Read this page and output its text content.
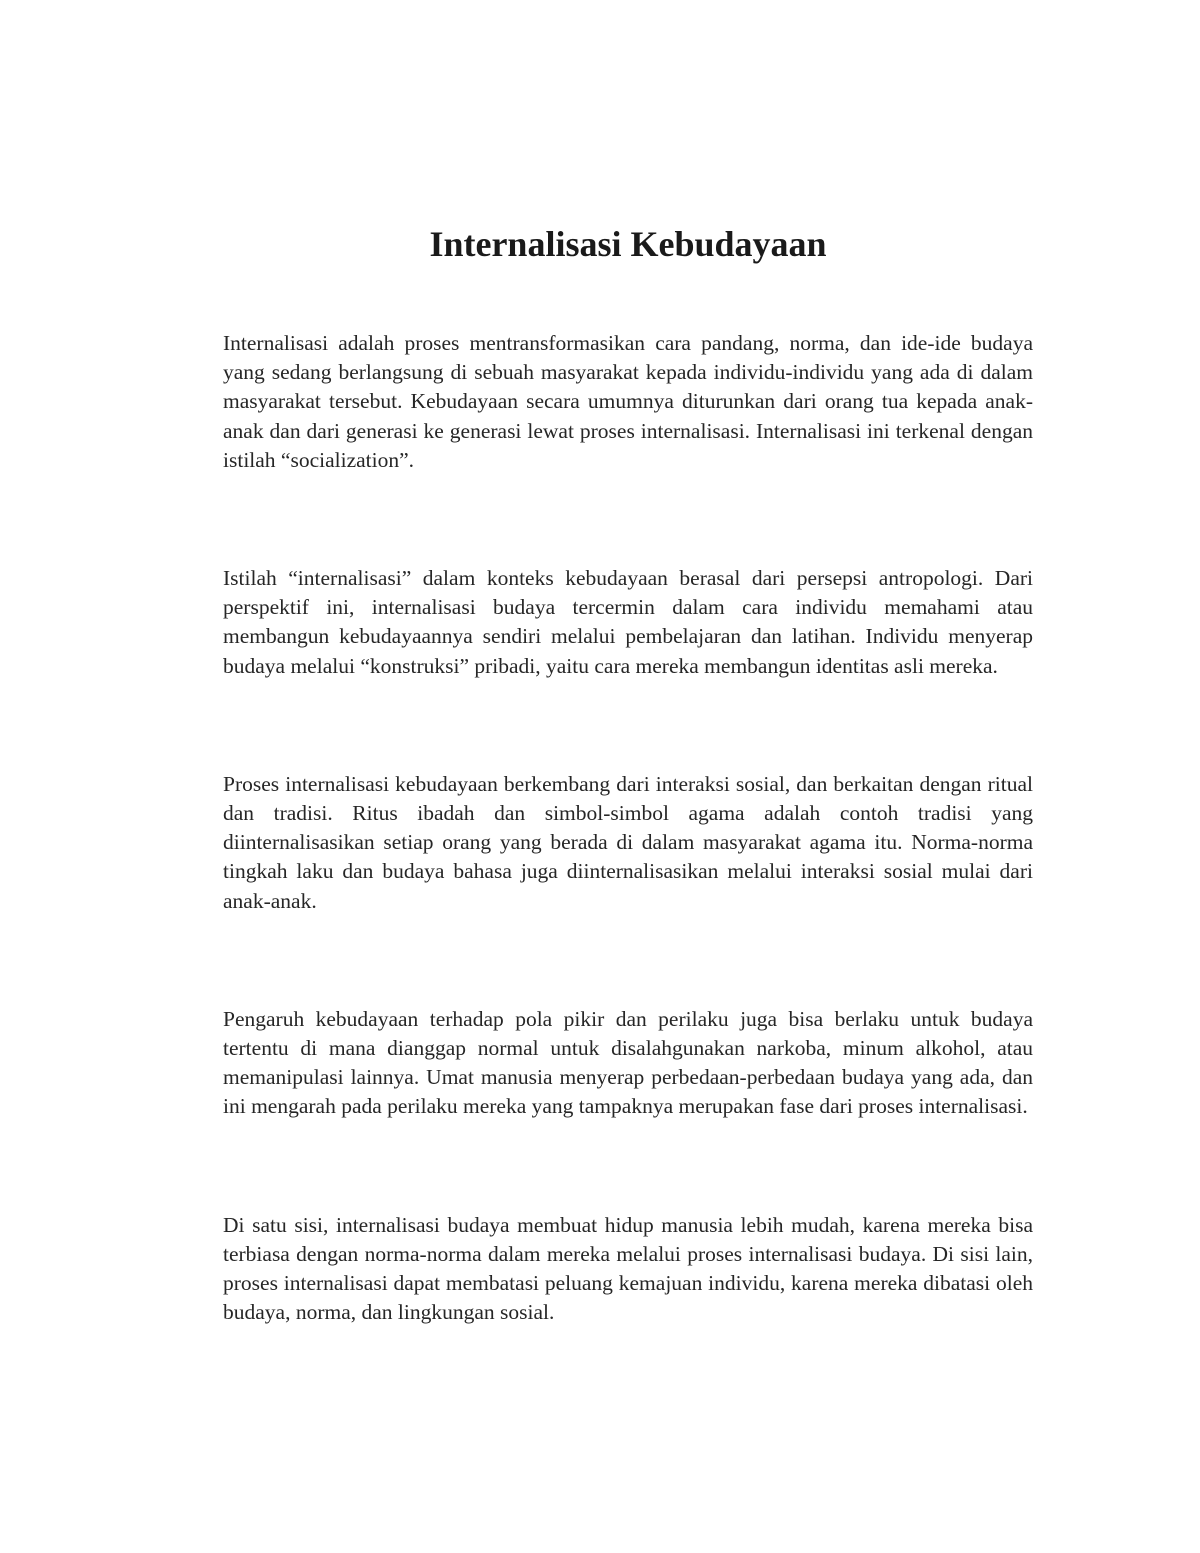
Internalisasi Kebudayaan

Internalisasi adalah proses mentransformasikan cara pandang, norma, dan ide-ide budaya yang sedang berlangsung di sebuah masyarakat kepada individu-individu yang ada di dalam masyarakat tersebut. Kebudayaan secara umumnya diturunkan dari orang tua kepada anak-anak dan dari generasi ke generasi lewat proses internalisasi. Internalisasi ini terkenal dengan istilah “socialization”.

Istilah “internalisasi” dalam konteks kebudayaan berasal dari persepsi antropologi. Dari perspektif ini, internalisasi budaya tercermin dalam cara individu memahami atau membangun kebudayaannya sendiri melalui pembelajaran dan latihan. Individu menyerap budaya melalui “konstruksi” pribadi, yaitu cara mereka membangun identitas asli mereka.

Proses internalisasi kebudayaan berkembang dari interaksi sosial, dan berkaitan dengan ritual dan tradisi. Ritus ibadah dan simbol-simbol agama adalah contoh tradisi yang diinternalisasikan setiap orang yang berada di dalam masyarakat agama itu. Norma-norma tingkah laku dan budaya bahasa juga diinternalisasikan melalui interaksi sosial mulai dari anak-anak.

Pengaruh kebudayaan terhadap pola pikir dan perilaku juga bisa berlaku untuk budaya tertentu di mana dianggap normal untuk disalahgunakan narkoba, minum alkohol, atau memanipulasi lainnya. Umat manusia menyerap perbedaan-perbedaan budaya yang ada, dan ini mengarah pada perilaku mereka yang tampaknya merupakan fase dari proses internalisasi.

Di satu sisi, internalisasi budaya membuat hidup manusia lebih mudah, karena mereka bisa terbiasa dengan norma-norma dalam mereka melalui proses internalisasi budaya. Di sisi lain, proses internalisasi dapat membatasi peluang kemajuan individu, karena mereka dibatasi oleh budaya, norma, dan lingkungan sosial.
